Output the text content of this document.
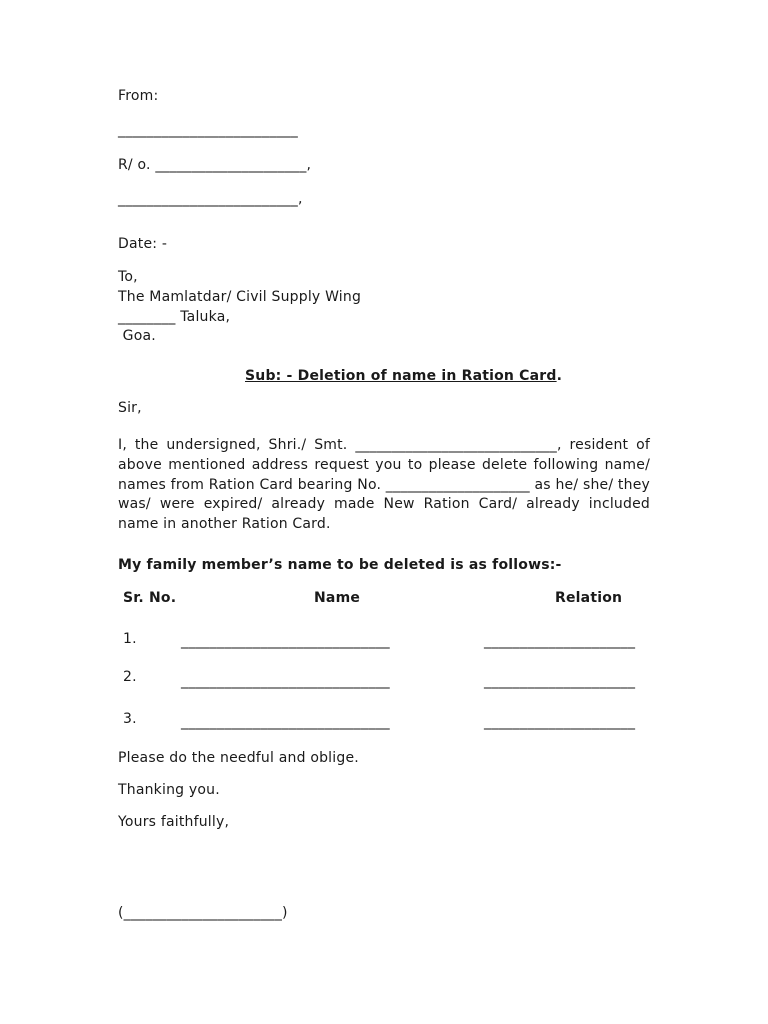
From:
_________________________
R/ o. _____________________,
_________________________,
Date: -
To,
The Mamlatdar/ Civil Supply Wing
________ Taluka,
Goa.
Sub: - Deletion of name in Ration Card.
Sir,
I, the undersigned, Shri./ Smt. ____________________________, resident of above mentioned address request you to please delete following name/ names from Ration Card bearing No. ____________________ as he/ she/ they was/ were expired/ already made New Ration Card/ already included name in another Ration Card.
My family member’s name to be deleted is as follows:-
Sr. No.	Name	Relation
1.	_____________________________	_____________________
2.	_____________________________	_____________________
3.	_____________________________	_____________________
Please do the needful and oblige.
Thanking you.
Yours faithfully,
(______________________)
